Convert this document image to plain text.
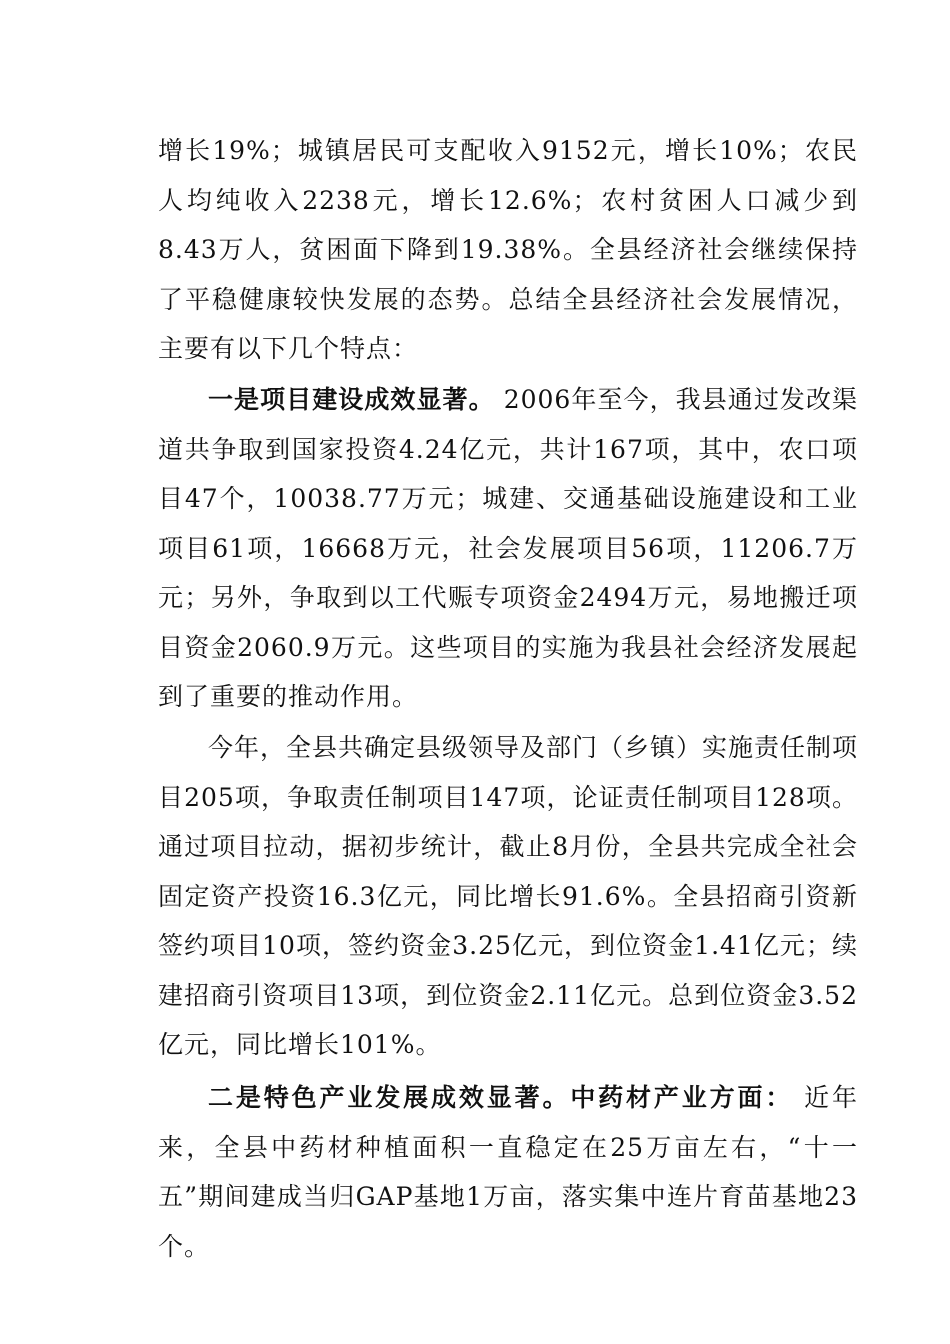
增长19%；城镇居民可支配收入9152元，增长10%；农民人均纯收入2238元，增长12.6%；农村贫困人口减少到8.43万人，贫困面下降到19.38%。全县经济社会继续保持了平稳健康较快发展的态势。总结全县经济社会发展情况，主要有以下几个特点：

一是项目建设成效显著。 2006年至今，我县通过发改渠道共争取到国家投资4.24亿元，共计167项，其中，农口项目47个，10038.77万元；城建、交通基础设施建设和工业项目61项，16668万元，社会发展项目56项，11206.7万元；另外，争取到以工代赈专项资金2494万元，易地搬迁项目资金2060.9万元。这些项目的实施为我县社会经济发展起到了重要的推动作用。

今年，全县共确定县级领导及部门（乡镇）实施责任制项目205项，争取责任制项目147项，论证责任制项目128项。通过项目拉动，据初步统计，截止8月份，全县共完成全社会固定资产投资16.3亿元，同比增长91.6%。全县招商引资新签约项目10项，签约资金3.25亿元，到位资金1.41亿元；续建招商引资项目13项，到位资金2.11亿元。总到位资金3.52亿元，同比增长101%。

二是特色产业发展成效显著。中药材产业方面： 近年来，全县中药材种植面积一直稳定在25万亩左右，“十一五”期间建成当归GAP基地1万亩，落实集中连片育苗基地23个。
